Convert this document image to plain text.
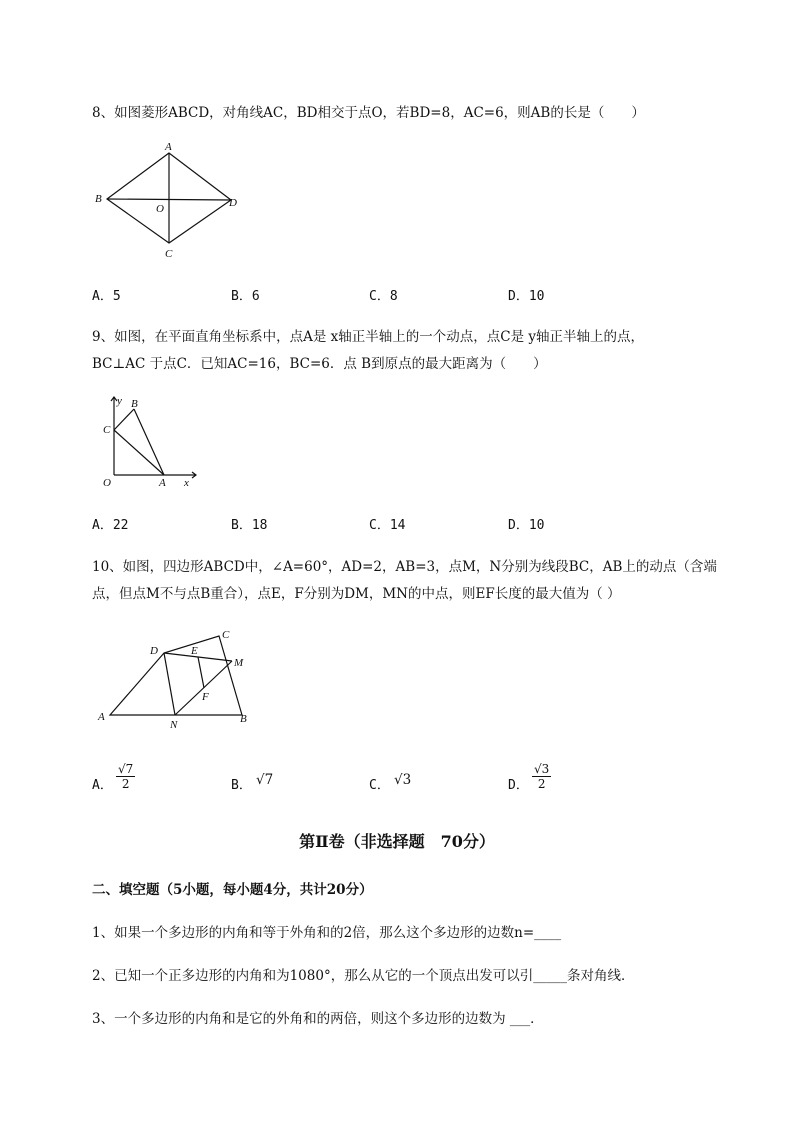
8、如图菱形ABCD，对角线AC，BD相交于点O，若BD=8，AC=6，则AB的长是（　　）
A
B
C
D
O
A．5	B．6	C．8	D．10
9、如图，在平面直角坐标系中，点A是 x轴正半轴上的一个动点，点C是 y轴正半轴上的点，
BC⊥AC 于点C．已知AC=16，BC=6．点 B到原点的最大距离为（　　）
y B
C
O	A x
A．22	B．18	C．14	D．10
10、如图，四边形ABCD中，∠A=60°，AD=2，AB=3，点M，N分别为线段BC，AB上的动点（含端
点，但点M不与点B重合），点E，F分别为DM，MN的中点，则EF长度的最大值为（ ）
A	B
C
D	E
F
M
N
A． $\frac{√7}{2}$	B． √7	C． √3	D． $\frac{√3}{2}$
第Ⅱ卷（非选择题　70分）
二、填空题（5小题，每小题4分，共计20分）
1、如果一个多边形的内角和等于外角和的2倍，那么这个多边形的边数n=____
2、已知一个正多边形的内角和为1080°，那么从它的一个顶点出发可以引_____条对角线．
3、一个多边形的内角和是它的外角和的两倍，则这个多边形的边数为 ___．
